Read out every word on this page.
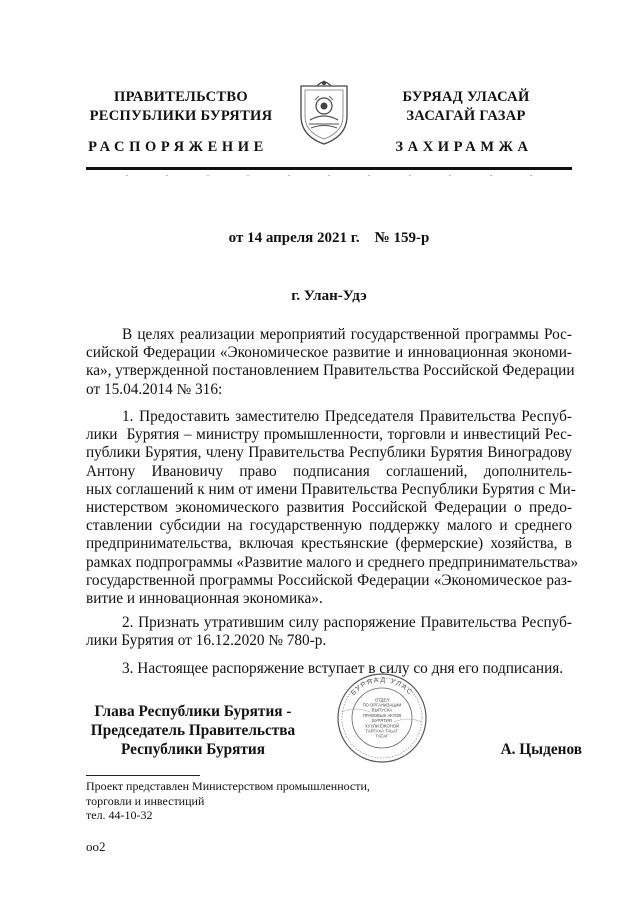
ПРАВИТЕЛЬСТВО
РЕСПУБЛИКИ БУРЯТИЯ
БУРЯАД УЛАСАЙ
ЗАСАГАЙ ГАЗАР
РАСПОРЯЖЕНИЕ	ЗАХИРАМЖА
от 14 апреля 2021 г.    № 159-р
г. Улан-Удэ
В целях реализации мероприятий государственной программы Рос-
сийской Федерации «Экономическое развитие и инновационная экономи-
ка», утвержденной постановлением Правительства Российской Федерации
от 15.04.2014 № 316:
1. Предоставить заместителю Председателя Правительства Респуб-
лики  Бурятия – министру промышленности, торговли и инвестиций Рес-
публики Бурятия, члену Правительства Республики Бурятия Виноградову
Антону Ивановичу право подписания соглашений, дополнитель-
ных соглашений к ним от имени Правительства Республики Бурятия с Ми-
нистерством экономического развития Российской Федерации о предо-
ставлении субсидии на государственную поддержку малого и среднего
предпринимательства, включая крестьянские (фермерские) хозяйства, в
рамках подпрограммы «Развитие малого и среднего предпринимательства»
государственной программы Российской Федерации «Экономическое раз-
витие и инновационная экономика».
2. Признать утратившим силу распоряжение Правительства Респуб-
лики Бурятия от 16.12.2020 № 780-р.
3. Настоящее распоряжение вступает в силу со дня его подписания.
Глава Республики Бурятия -
Председатель Правительства
Республики Бурятия
БУРЯАД УЛАС
ОТДЕЛ
ПО ОРГАНИЗАЦИИ
ВЫПУСКА
ПРАВОВЫХ АКТОВ
БУРЯТИЯ
ХУУЛИ ЁЖОНОЙ
ГАРГАХА ТАЬАГ
ТАСАГ
А. Цыденов
Проект представлен Министерством промышленности,
торговли и инвестиций
тел. 44-10-32
оо2
